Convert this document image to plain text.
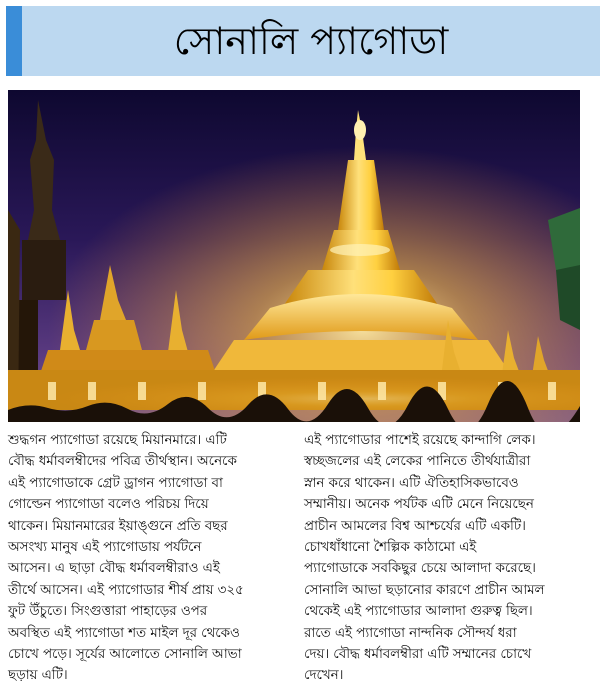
সোনালি প্যাগোডা

শুদ্ধগন প্যাগোডা রয়েছে মিয়ানমারে। এটি
বৌদ্ধ ধর্মাবলম্বীদের পবিত্র তীর্থস্থান। অনেকে
এই প্যাগোডাকে গ্রেট ড্রাগন প্যাগোডা বা
গোল্ডেন প্যাগোডা বলেও পরিচয় দিয়ে
থাকেন। মিয়ানমারের ইয়াঙ্গুনে প্রতি বছর
অসংখ্য মানুষ এই প্যাগোডায় পর্যটনে
আসেন। এ ছাড়া বৌদ্ধ ধর্মাবলম্বীরাও এই
তীর্থে আসেন। এই প্যাগোডার শীর্ষ প্রায় ৩২৫
ফুট উঁচুতে। সিংগুত্তারা পাহাড়ের ওপর
অবস্থিত এই প্যাগোডা শত মাইল দূর থেকেও
চোখে পড়ে। সূর্যের আলোতে সোনালি আভা
ছড়ায় এটি।

এই প্যাগোডার পাশেই রয়েছে কান্দাগি লেক।
স্বচ্ছজলের এই লেকের পানিতে তীর্থযাত্রীরা
স্নান করে থাকেন। এটি ঐতিহাসিকভাবেও
সম্মানীয়। অনেক পর্যটক এটি মেনে নিয়েছেন
প্রাচীন আমলের বিশ্ব আশ্চর্যের এটি একটি।
চোখধাঁধানো শৈল্পিক কাঠামো এই
প্যাগোডাকে সবকিছুর চেয়ে আলাদা করেছে।
সোনালি আভা ছড়ানোর কারণে প্রাচীন আমল
থেকেই এই প্যাগোডার আলাদা গুরুত্ব ছিল।
রাতে এই প্যাগোডা নান্দনিক সৌন্দর্য ধরা
দেয়। বৌদ্ধ ধর্মাবলম্বীরা এটি সম্মানের চোখে
দেখেন।
